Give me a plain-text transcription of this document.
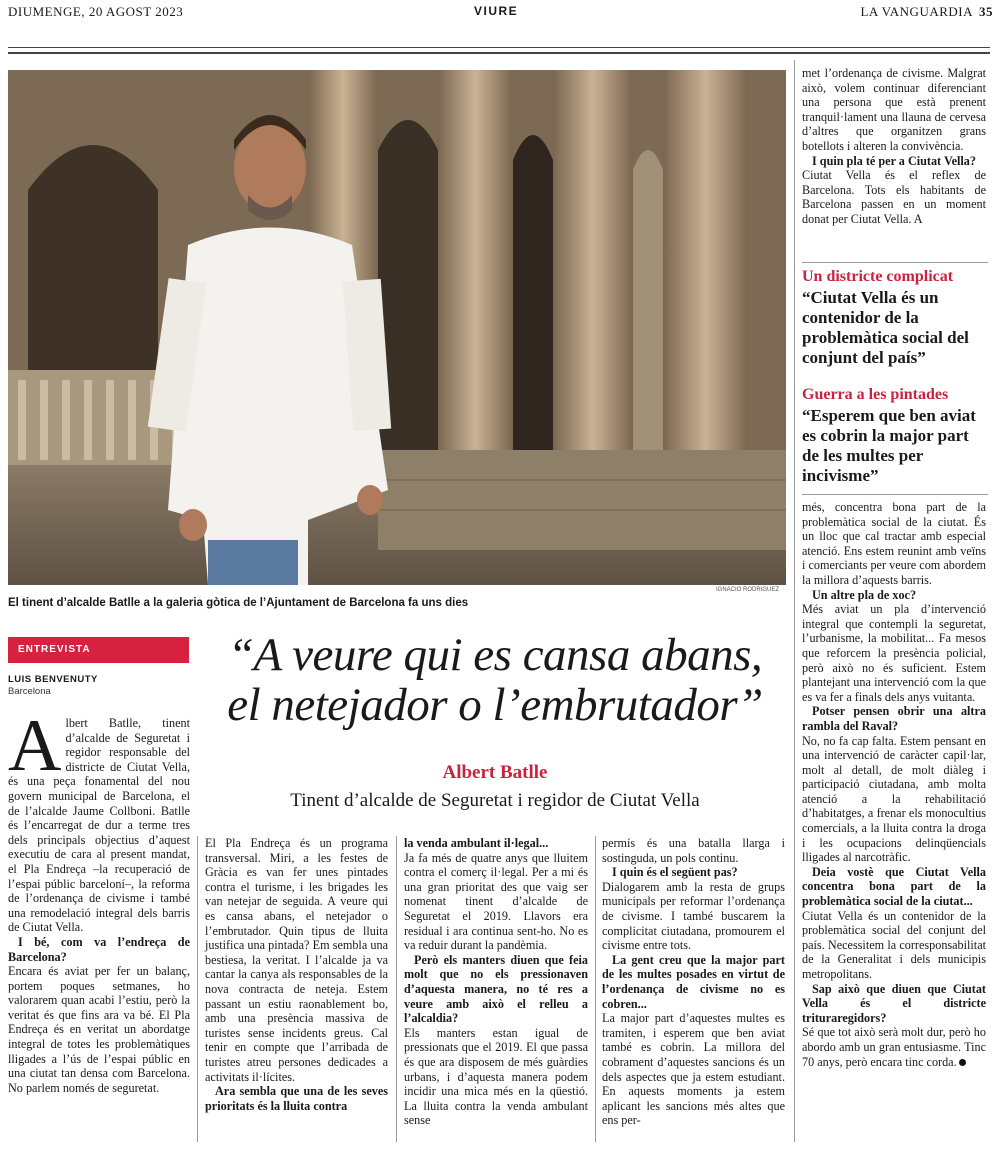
DIUMENGE, 20 AGOST 2023	VIURE	LA VANGUARDIA 35
IGNACIO RODRIGUEZ
El tinent d’alcalde Batlle a la galeria gòtica de l’Ajuntament de Barcelona fa uns dies
ENTREVISTA
LUIS BENVENUTY
Barcelona
“A veure qui es cansa abans,
el netejador o l’embrutador”
Albert Batlle
Tinent d’alcalde de Seguretat i regidor de Ciutat Vella

Albert Batlle, tinent d’alcalde de Seguretat i regidor responsable del districte de Ciutat Vella, és una peça fonamental del nou govern municipal de Barcelona, el de l’alcalde Jaume Collboni. Batlle és l’encarregat de dur a terme tres dels principals objectius d’aquest executiu de cara al present mandat, el Pla Endreça –la recuperació de l’espai públic barceloní–, la reforma de l’ordenança de civisme i també una remodelació integral dels barris de Ciutat Vella.

I bé, com va l’endreça de Barcelona?

Encara és aviat per fer un balanç, portem poques setmanes, ho valorarem quan acabi l’estiu, però la veritat és que fins ara va bé. El Pla Endreça és en veritat un abordatge integral de totes les problemàtiques lligades a l’ús de l’espai públic en una ciutat tan densa com Barcelona. No parlem només de seguretat.

El Pla Endreça és un programa transversal. Miri, a les festes de Gràcia es van fer unes pintades contra el turisme, i les brigades les van netejar de seguida. A veure qui es cansa abans, el netejador o l’embrutador. Quin tipus de lluita justifica una pintada? Em sembla una bestiesa, la veritat. I l’alcalde ja va cantar la canya als responsables de la nova contracta de neteja. Estem passant un estiu raonablement bo, amb una presència massiva de turistes sense incidents greus. Cal tenir en compte que l’arribada de turistes atreu persones dedicades a activitats il·lícites.

Ara sembla que una de les seves prioritats és la lluita contra

la venda ambulant il·legal...

Ja fa més de quatre anys que lluitem contra el comerç il·legal. Per a mi és una gran prioritat des que vaig ser nomenat tinent d’alcalde de Seguretat el 2019. Llavors era residual i ara continua sent-ho. No es va reduir durant la pandèmia.

Però els manters diuen que feia molt que no els pressionaven d’aquesta manera, no té res a veure amb això el relleu a l’alcaldia?

Els manters estan igual de pressionats que el 2019. El que passa és que ara disposem de més guàrdies urbans, i d’aquesta manera podem incidir una mica més en la qüestió. La lluita contra la venda ambulant sense

permís és una batalla llarga i sostinguda, un pols continu.

I quin és el següent pas?

Dialogarem amb la resta de grups municipals per reformar l’ordenança de civisme. I també buscarem la complicitat ciutadana, promourem el civisme entre tots.

La gent creu que la major part de les multes posades en virtut de l’ordenança de civisme no es cobren...

La major part d’aquestes multes es tramiten, i esperem que ben aviat també es cobrin. La millora del cobrament d’aquestes sancions és un dels aspectes que ja estem estudiant. En aquests moments ja estem aplicant les sancions més altes que ens per-

met l’ordenança de civisme. Malgrat això, volem continuar diferenciant una persona que està prenent tranquil·lament una llauna de cervesa d’altres que organitzen grans botellots i alteren la convivència.

I quin pla té per a Ciutat Vella?

Ciutat Vella és el reflex de Barcelona. Tots els habitants de Barcelona passen en un moment donat per Ciutat Vella. A

Un districte complicat
“Ciutat Vella és un contenidor de la problemàtica social del conjunt del país”
Guerra a les pintades
“Esperem que ben aviat es cobrin la major part de les multes per incivisme”

més, concentra bona part de la problemàtica social de la ciutat. És un lloc que cal tractar amb especial atenció. Ens estem reunint amb veïns i comerciants per veure com abordem la millora d’aquests barris.

Un altre pla de xoc?

Més aviat un pla d’intervenció integral que contempli la seguretat, l’urbanisme, la mobilitat... Fa mesos que reforcem la presència policial, però això no és suficient. Estem plantejant una intervenció com la que es va fer a finals dels anys vuitanta.

Potser pensen obrir una altra rambla del Raval?

No, no fa cap falta. Estem pensant en una intervenció de caràcter capil·lar, molt al detall, de molt diàleg i participació ciutadana, amb molta atenció a la rehabilitació d’habitatges, a frenar els monocultius comercials, a la lluita contra la droga i les ocupacions delinqüencials lligades al narcotràfic.

Deia vostè que Ciutat Vella concentra bona part de la problemàtica social de la ciutat...

Ciutat Vella és un contenidor de la problemàtica social del conjunt del país. Necessitem la corresponsabilitat de la Generalitat i dels municipis metropolitans.

Sap això que diuen que Ciutat Vella és el districte trituraregidors?

Sé que tot això serà molt dur, però ho abordo amb un gran entusiasme. Tinc 70 anys, però encara tinc corda.
